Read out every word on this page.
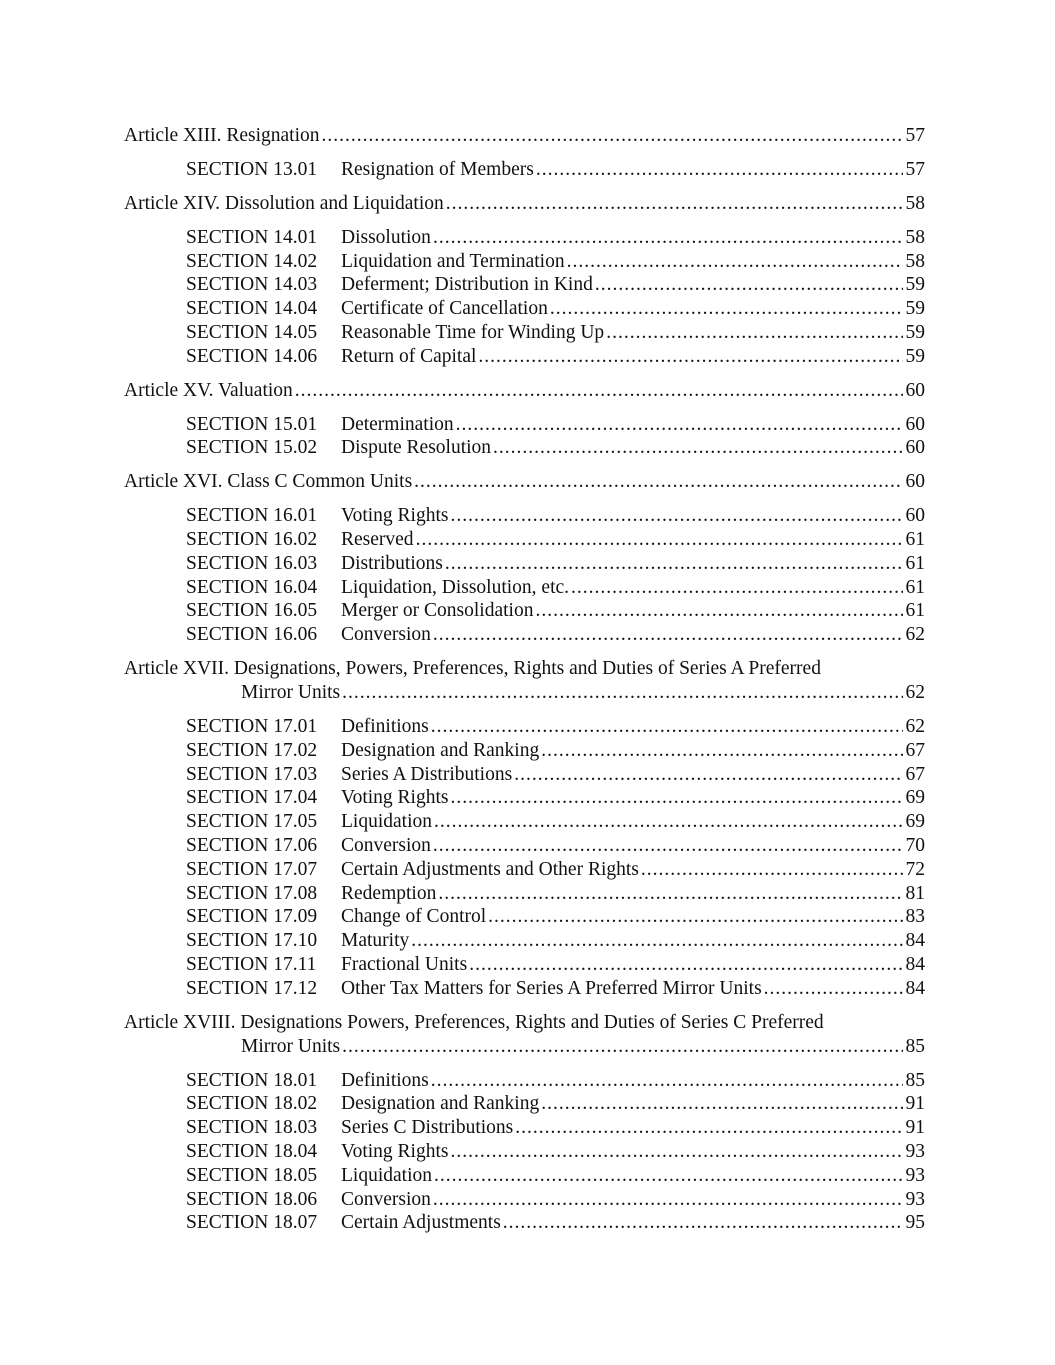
Article XIII. Resignation .....	57
SECTION 13.01	Resignation of Members .....	57
Article XIV. Dissolution and Liquidation .....	58
SECTION 14.01	Dissolution .....	58
SECTION 14.02	Liquidation and Termination .....	58
SECTION 14.03	Deferment; Distribution in Kind .....	59
SECTION 14.04	Certificate of Cancellation .....	59
SECTION 14.05	Reasonable Time for Winding Up .....	59
SECTION 14.06	Return of Capital .....	59
Article XV. Valuation .....	60
SECTION 15.01	Determination .....	60
SECTION 15.02	Dispute Resolution .....	60
Article XVI. Class C Common Units .....	60
SECTION 16.01	Voting Rights .....	60
SECTION 16.02	Reserved .....	61
SECTION 16.03	Distributions .....	61
SECTION 16.04	Liquidation, Dissolution, etc. .....	61
SECTION 16.05	Merger or Consolidation .....	61
SECTION 16.06	Conversion .....	62
Article XVII. Designations, Powers, Preferences, Rights and Duties of Series A Preferred
Mirror Units .....	62
SECTION 17.01	Definitions .....	62
SECTION 17.02	Designation and Ranking .....	67
SECTION 17.03	Series A Distributions .....	67
SECTION 17.04	Voting Rights .....	69
SECTION 17.05	Liquidation .....	69
SECTION 17.06	Conversion .....	70
SECTION 17.07	Certain Adjustments and Other Rights .....	72
SECTION 17.08	Redemption .....	81
SECTION 17.09	Change of Control .....	83
SECTION 17.10	Maturity .....	84
SECTION 17.11	Fractional Units .....	84
SECTION 17.12	Other Tax Matters for Series A Preferred Mirror Units .....	84
Article XVIII. Designations Powers, Preferences, Rights and Duties of Series C Preferred
Mirror Units .....	85
SECTION 18.01	Definitions .....	85
SECTION 18.02	Designation and Ranking .....	91
SECTION 18.03	Series C Distributions .....	91
SECTION 18.04	Voting Rights .....	93
SECTION 18.05	Liquidation .....	93
SECTION 18.06	Conversion .....	93
SECTION 18.07	Certain Adjustments .....	95
